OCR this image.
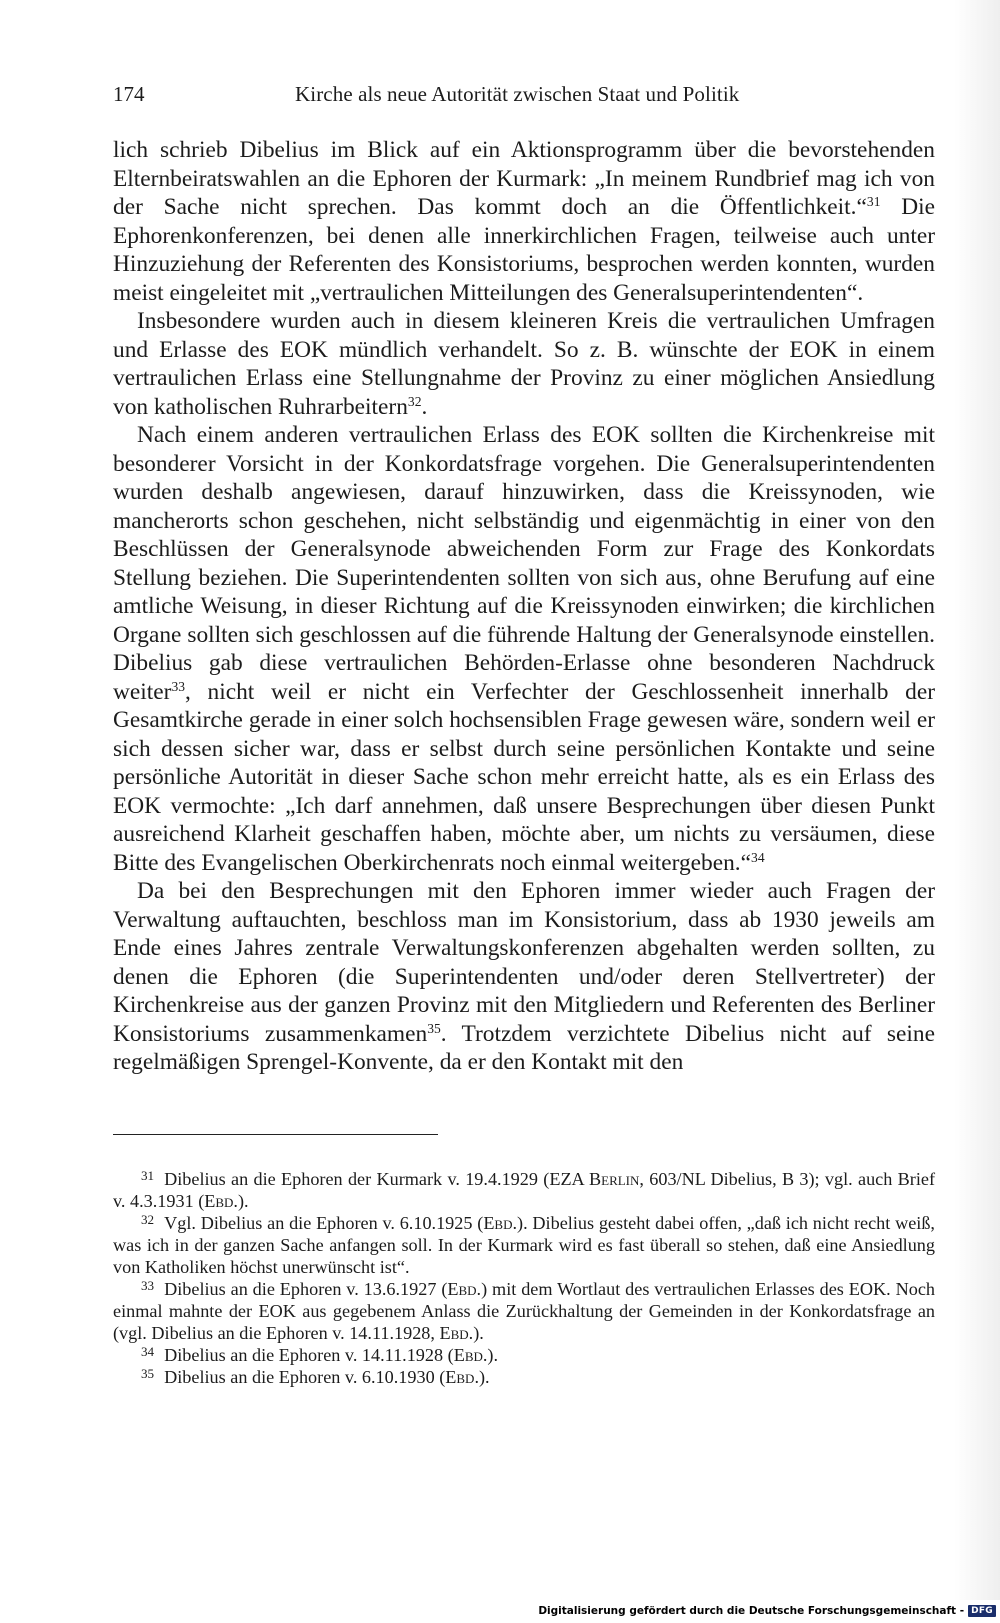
174	Kirche als neue Autorität zwischen Staat und Politik

lich schrieb Dibelius im Blick auf ein Aktionsprogramm über die bevorstehenden Elternbeiratswahlen an die Ephoren der Kurmark: „In meinem Rundbrief mag ich von der Sache nicht sprechen. Das kommt doch an die Öffentlichkeit.“$^{31}$ Die Ephorenkonferenzen, bei denen alle innerkirchlichen Fragen, teilweise auch unter Hinzuziehung der Referenten des Konsistoriums, besprochen werden konnten, wurden meist eingeleitet mit „vertraulichen Mitteilungen des Generalsuperintendenten“.

Insbesondere wurden auch in diesem kleineren Kreis die vertraulichen Umfragen und Erlasse des EOK mündlich verhandelt. So z. B. wünschte der EOK in einem vertraulichen Erlass eine Stellungnahme der Provinz zu einer möglichen Ansiedlung von katholischen Ruhrarbeitern$^{32}$.

Nach einem anderen vertraulichen Erlass des EOK sollten die Kirchenkreise mit besonderer Vorsicht in der Konkordatsfrage vorgehen. Die Generalsuperintendenten wurden deshalb angewiesen, darauf hinzuwirken, dass die Kreissynoden, wie mancherorts schon geschehen, nicht selbständig und eigenmächtig in einer von den Beschlüssen der Generalsynode abweichenden Form zur Frage des Konkordats Stellung beziehen. Die Superintendenten sollten von sich aus, ohne Berufung auf eine amtliche Weisung, in dieser Richtung auf die Kreissynoden einwirken; die kirchlichen Organe sollten sich geschlossen auf die führende Haltung der Generalsynode einstellen. Dibelius gab diese vertraulichen Behörden-Erlasse ohne besonderen Nachdruck weiter$^{33}$, nicht weil er nicht ein Verfechter der Geschlossenheit innerhalb der Gesamtkirche gerade in einer solch hochsensiblen Frage gewesen wäre, sondern weil er sich dessen sicher war, dass er selbst durch seine persönlichen Kontakte und seine persönliche Autorität in dieser Sache schon mehr erreicht hatte, als es ein Erlass des EOK vermochte: „Ich darf annehmen, daß unsere Besprechungen über diesen Punkt ausreichend Klarheit geschaffen haben, möchte aber, um nichts zu versäumen, diese Bitte des Evangelischen Oberkirchenrats noch einmal weitergeben.“$^{34}$

Da bei den Besprechungen mit den Ephoren immer wieder auch Fragen der Verwaltung auftauchten, beschloss man im Konsistorium, dass ab 1930 jeweils am Ende eines Jahres zentrale Verwaltungskonferenzen abgehalten werden sollten, zu denen die Ephoren (die Superintendenten und/oder deren Stellvertreter) der Kirchenkreise aus der ganzen Provinz mit den Mitgliedern und Referenten des Berliner Konsistoriums zusammenkamen$^{35}$. Trotzdem verzichtete Dibelius nicht auf seine regelmäßigen Sprengel-Konvente, da er den Kontakt mit den

$^{31}$ Dibelius an die Ephoren der Kurmark v. 19.4.1929 (EZA Berlin, 603/NL Dibelius, B 3); vgl. auch Brief v. 4.3.1931 (Ebd.).

$^{32}$ Vgl. Dibelius an die Ephoren v. 6.10.1925 (Ebd.). Dibelius gesteht dabei offen, „daß ich nicht recht weiß, was ich in der ganzen Sache anfangen soll. In der Kurmark wird es fast überall so stehen, daß eine Ansiedlung von Katholiken höchst unerwünscht ist“.

$^{33}$ Dibelius an die Ephoren v. 13.6.1927 (Ebd.) mit dem Wortlaut des vertraulichen Erlasses des EOK. Noch einmal mahnte der EOK aus gegebenem Anlass die Zurückhaltung der Gemeinden in der Konkordatsfrage an (vgl. Dibelius an die Ephoren v. 14.11.1928, Ebd.).

$^{34}$ Dibelius an die Ephoren v. 14.11.1928 (Ebd.).

$^{35}$ Dibelius an die Ephoren v. 6.10.1930 (Ebd.).

Digitalisierung gefördert durch die Deutsche Forschungsgemeinschaft - DFG
